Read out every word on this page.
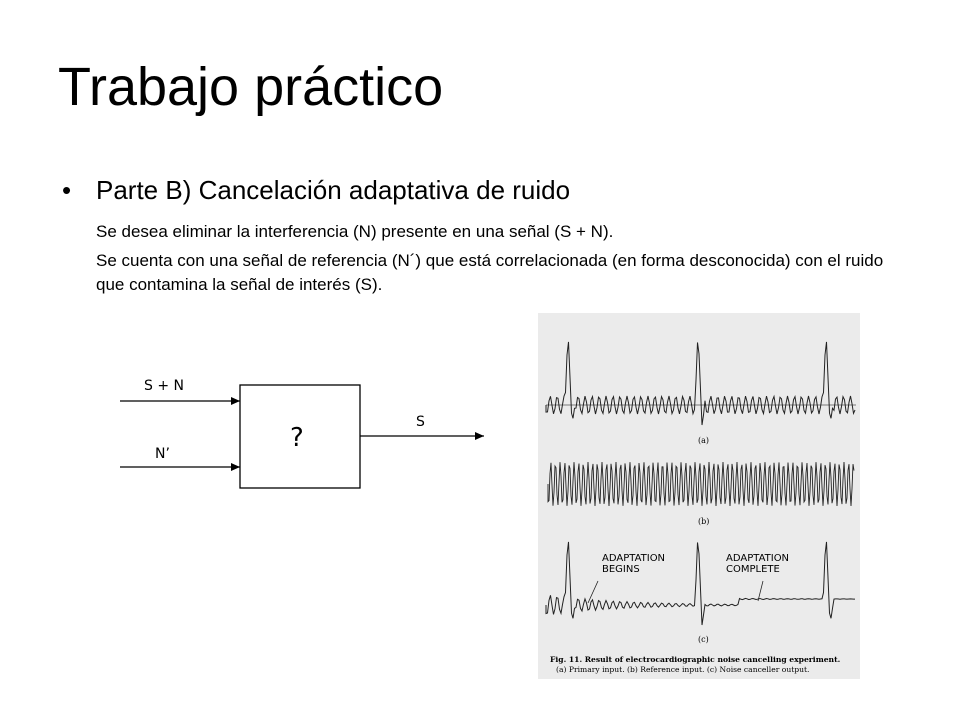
Trabajo práctico
• Parte B) Cancelación adaptativa de ruido
Se desea eliminar la interferencia (N) presente en una señal (S + N).
Se cuenta con una señal de referencia (N´) que está correlacionada (en forma desconocida) con el ruido que contamina la señal de interés (S).
S + N
N’
?
S
(a)
(b)
ADAPTATION
BEGINS
ADAPTATION
COMPLETE
(c)
Fig. 11. Result of electrocardiographic noise cancelling experiment.
(a) Primary input. (b) Reference input. (c) Noise canceller output.
